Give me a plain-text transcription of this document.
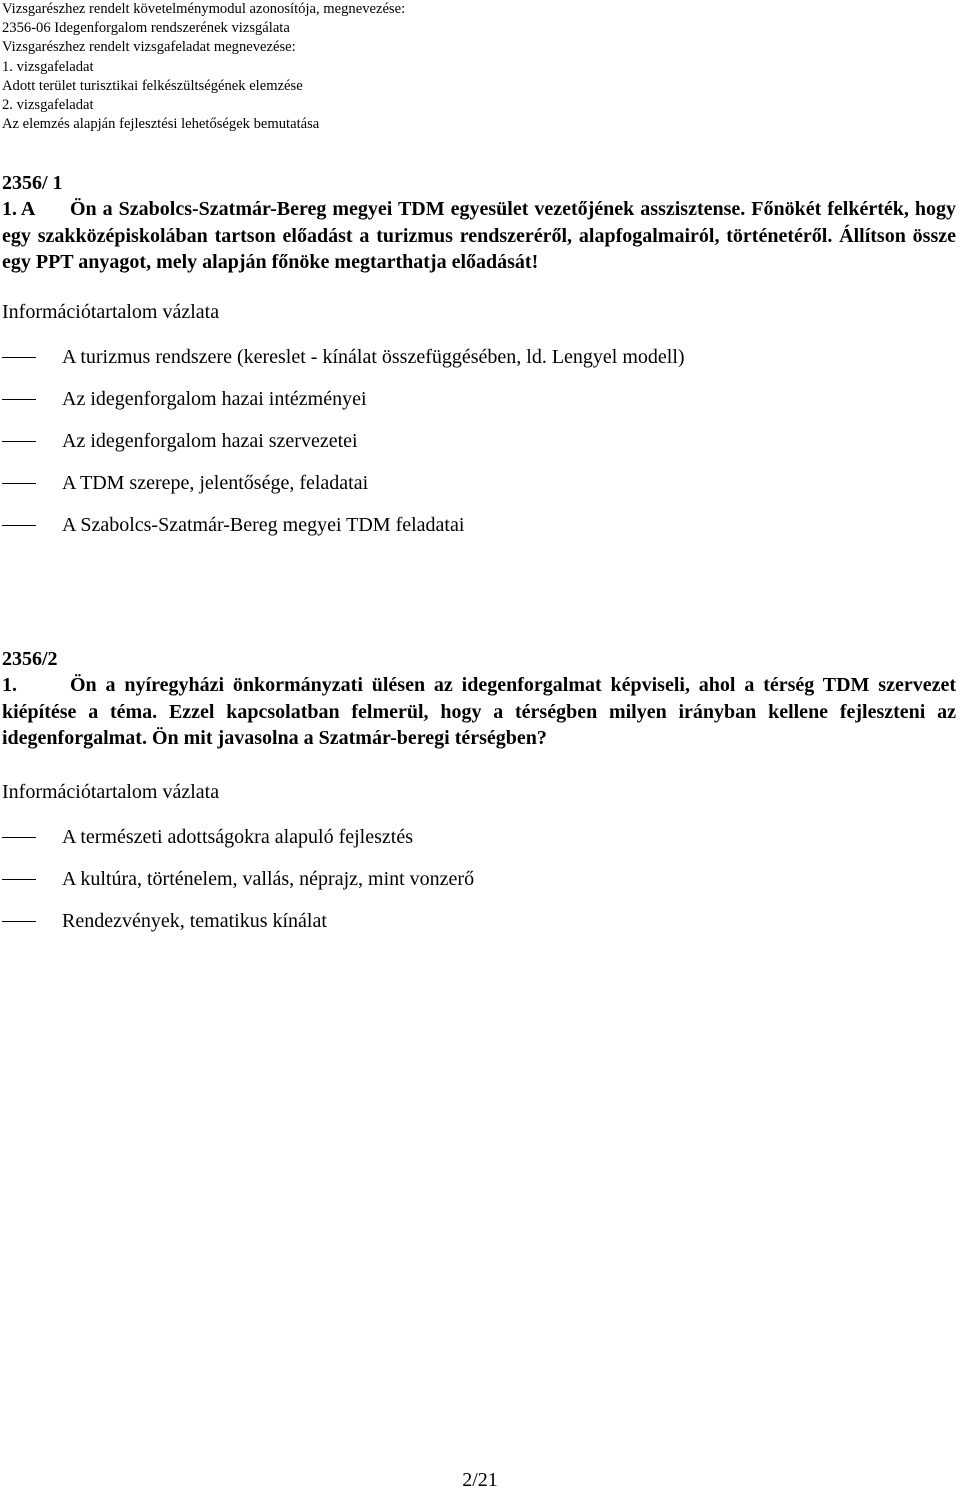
Vizsgarészhez rendelt követelménymodul azonosítója, megnevezése:
2356-06 Idegenforgalom rendszerének vizsgálata
Vizsgarészhez rendelt vizsgafeladat megnevezése:
1. vizsgafeladat
Adott terület turisztikai felkészültségének elemzése
2. vizsgafeladat
Az elemzés alapján fejlesztési lehetőségek bemutatása
2356/ 1
1. A Ön a Szabolcs-Szatmár-Bereg megyei TDM egyesület vezetőjének asszisztense. Főnökét felkérték, hogy egy szakközépiskolában tartson előadást a turizmus rendszeréről, alapfogalmairól, történetéről. Állítson össze egy PPT anyagot, mely alapján főnöke megtarthatja előadását!
Információtartalom vázlata
A turizmus rendszere (kereslet - kínálat összefüggésében, ld. Lengyel modell)
Az idegenforgalom hazai intézményei
Az idegenforgalom hazai szervezetei
A TDM szerepe, jelentősége, feladatai
A Szabolcs-Szatmár-Bereg megyei TDM feladatai
2356/2
1.	Ön a nyíregyházi önkormányzati ülésen az idegenforgalmat képviseli, ahol a térség TDM szervezet kiépítése a téma. Ezzel kapcsolatban felmerül, hogy a térségben milyen irányban kellene fejleszteni az idegenforgalmat. Ön mit javasolna a Szatmár-beregi térségben?
Információtartalom vázlata
A természeti adottságokra alapuló fejlesztés
A kultúra, történelem, vallás, néprajz, mint vonzerő
Rendezvények, tematikus kínálat
2/21
